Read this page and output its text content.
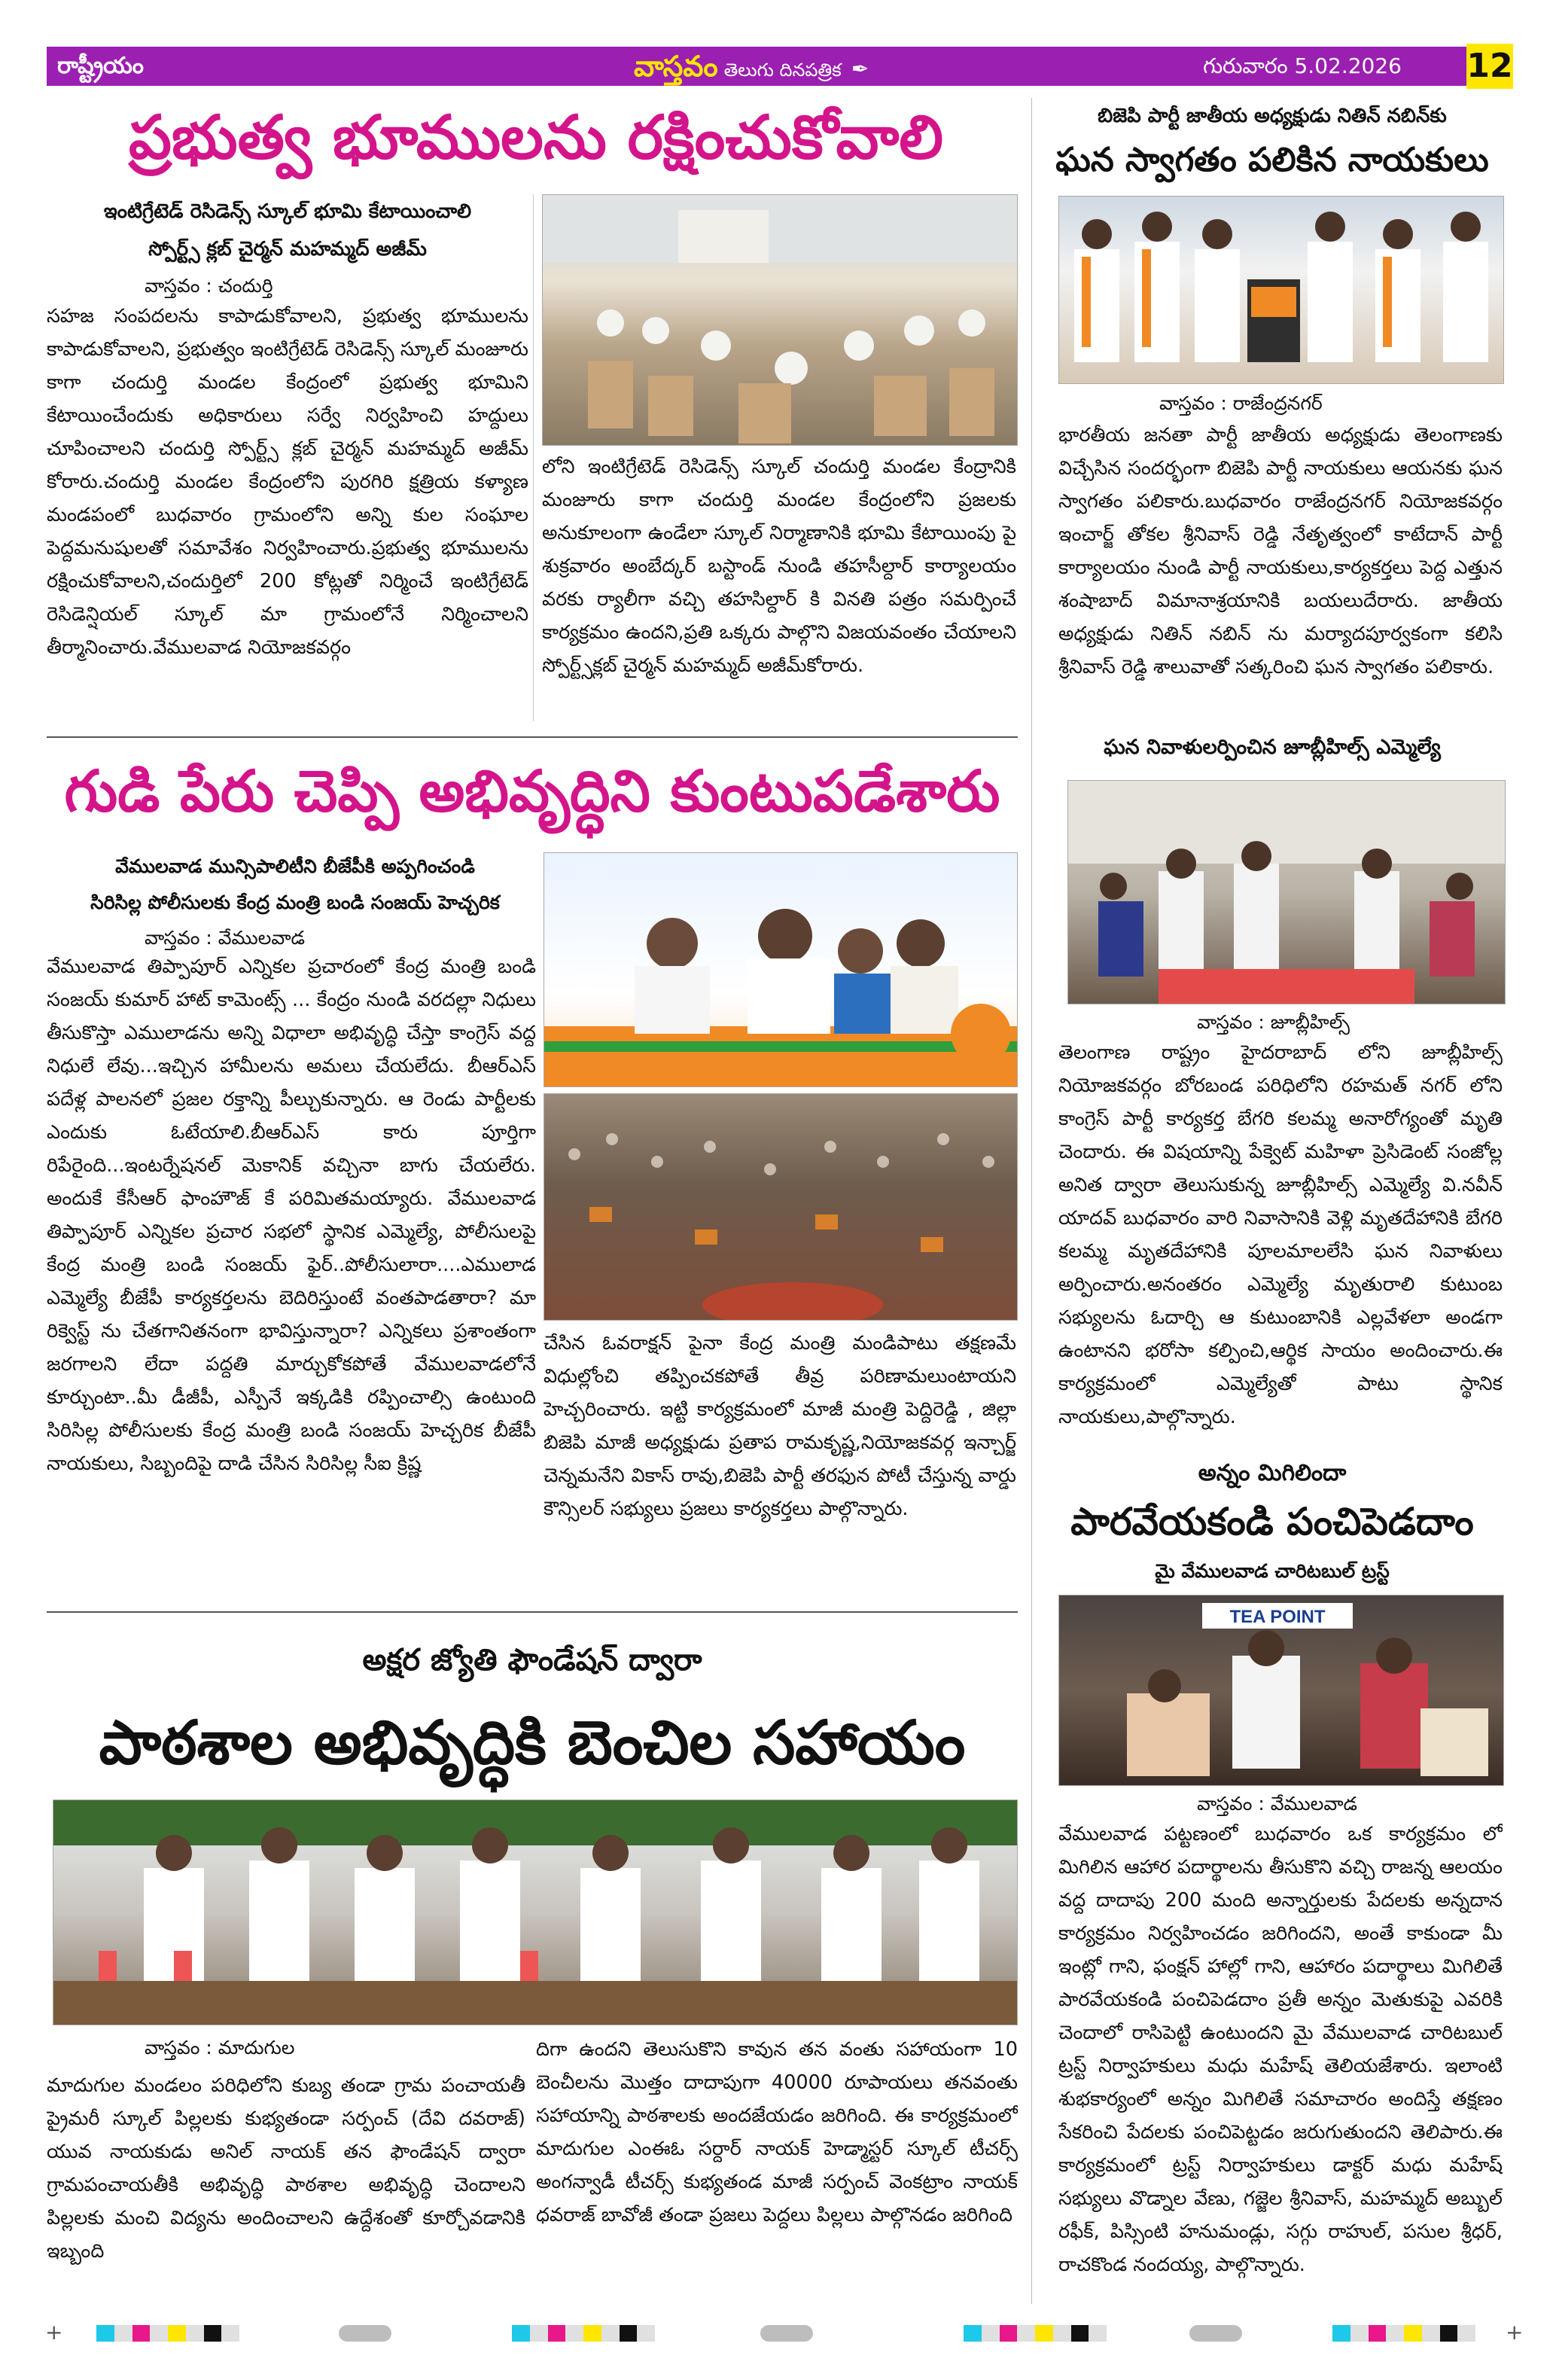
రాష్ట్రీయం	వాస్తవం తెలుగు దినపత్రిక ✒	గురువారం 5.02.2026 12
ప్రభుత్వ భూములను రక్షించుకోవాలి
ఇంటిగ్రేటెడ్ రెసిడెన్స్ స్కూల్ భూమి కేటాయించాలి
స్పోర్ట్స్ క్లబ్ చైర్మన్ మహమ్మద్ అజీమ్
వాస్తవం : చందుర్తి
సహజ సంపదలను కాపాడుకోవాలని, ప్రభుత్వ భూములను కాపాడుకోవాలని, ప్రభుత్వం ఇంటిగ్రేటెడ్ రెసిడెన్స్ స్కూల్ మంజూరు కాగా చందుర్తి మండల కేంద్రంలో ప్రభుత్వ భూమిని కేటాయించేందుకు అధికారులు సర్వే నిర్వహించి హద్దులు చూపించాలని చందుర్తి స్పోర్ట్స్ క్లబ్ చైర్మన్ మహమ్మద్ అజీమ్ కోరారు.చందుర్తి మండల కేంద్రంలోని పురగిరి క్షత్రియ కళ్యాణ మండపంలో బుధవారం గ్రామంలోని అన్ని కుల సంఘాల పెద్దమనుషులతో సమావేశం నిర్వహించారు.ప్రభుత్వ భూములను రక్షించుకోవాలని,చందుర్తిలో 200 కోట్లతో నిర్మించే ఇంటిగ్రేటెడ్ రెసిడెన్షియల్ స్కూల్ మా గ్రామంలోనే నిర్మించాలని తీర్మానించారు.వేములవాడ నియోజకవర్గం
లోని ఇంటిగ్రేటెడ్ రెసిడెన్స్ స్కూల్ చందుర్తి మండల కేంద్రానికి మంజూరు కాగా చందుర్తి మండల కేంద్రంలోని ప్రజలకు అనుకూలంగా ఉండేలా స్కూల్ నిర్మాణానికి భూమి కేటాయింపు పై శుక్రవారం అంబేద్కర్ బస్టాండ్ నుండి తహసీల్దార్ కార్యాలయం వరకు ర్యాలీగా వచ్చి తహసిల్దార్ కి వినతి పత్రం సమర్పించే కార్యక్రమం ఉందని,ప్రతి ఒక్కరు పాల్గొని విజయవంతం చేయాలని స్పోర్ట్స్‌క్లబ్ చైర్మన్ మహమ్మద్ అజీమ్‌కోరారు.
గుడి పేరు చెప్పి అభివృద్ధిని కుంటుపడేశారు
వేములవాడ మున్సిపాలిటీని బీజేపీకి అప్పగించండి
సిరిసిల్ల పోలీసులకు కేంద్ర మంత్రి బండి సంజయ్ హెచ్చరిక
వాస్తవం : వేములవాడ
వేములవాడ తిప్పాపూర్ ఎన్నికల ప్రచారంలో కేంద్ర మంత్రి బండి సంజయ్ కుమార్ హాట్ కామెంట్స్ ... కేంద్రం నుండి వరదల్లా నిధులు తీసుకొస్తా ఎములాడను అన్ని విధాలా అభివృద్ధి చేస్తా కాంగ్రెస్ వద్ద నిధులే లేవు...ఇచ్చిన హామీలను అమలు చేయలేదు. బీఆర్ఎస్ పదేళ్ల పాలనలో ప్రజల రక్తాన్ని పీల్చుకున్నారు. ఆ రెండు పార్టీలకు ఎందుకు ఓటేయాలి.బీఆర్ఎస్ కారు పూర్తిగా రిపేరైంది...ఇంటర్నేషనల్ మెకానిక్ వచ్చినా బాగు చేయలేరు. అందుకే కేసీఆర్ ఫాంహౌజ్ కే పరిమితమయ్యారు. వేములవాడ తిప్పాపూర్ ఎన్నికల ప్రచార సభలో స్థానిక ఎమ్మెల్యే, పోలీసులపై కేంద్ర మంత్రి బండి సంజయ్ ఫైర్..పోలీసులారా....ఎములాడ ఎమ్మెల్యే బీజేపీ కార్యకర్తలను బెదిరిస్తుంటే వంతపాడతారా? మా రిక్వెస్ట్ ను చేతగానితనంగా భావిస్తున్నారా? ఎన్నికలు ప్రశాంతంగా జరగాలని లేదా పద్దతి మార్చుకోకపోతే వేములవాడలోనే కూర్చుంటా..మీ డీజీపీ, ఎస్పీనే ఇక్కడికి రప్పించాల్సి ఉంటుంది సిరిసిల్ల పోలీసులకు కేంద్ర మంత్రి బండి సంజయ్ హెచ్చరిక బీజేపీ నాయకులు, సిబ్బందిపై దాడి చేసిన సిరిసిల్ల సీఐ క్రిష్ణ
చేసిన ఓవరాక్షన్ పైనా కేంద్ర మంత్రి మండిపాటు తక్షణమే విధుల్లోంచి తప్పించకపోతే తీవ్ర పరిణామలుంటాయని హెచ్చరించారు. ఇట్టి కార్యక్రమంలో మాజీ మంత్రి పెద్దిరెడ్డి , జిల్లా బిజెపి మాజీ అధ్యక్షుడు ప్రతాప రామకృష్ణ,నియోజకవర్గ ఇన్చార్జ్ చెన్నమనేని వికాస్ రావు,బిజెపి పార్టీ తరఫున పోటీ చేస్తున్న వార్డు కౌన్సిలర్ సభ్యులు ప్రజలు కార్యకర్తలు పాల్గొన్నారు.
అక్షర జ్యోతి ఫౌండేషన్ ద్వారా
పాఠశాల అభివృద్ధికి బెంచిల సహాయం
వాస్తవం : మాదుగుల
మాదుగుల మండలం పరిధిలోని కుబ్య తండా గ్రామ పంచాయతీ ప్రైమరీ స్కూల్ పిల్లలకు కుభ్యతండా సర్పంచ్ (దేవి దవరాజ్) యువ నాయకుడు అనిల్ నాయక్ తన ఫౌండేషన్ ద్వారా గ్రామపంచాయతీకి అభివృద్ధి పాఠశాల అభివృద్ధి చెందాలని పిల్లలకు మంచి విద్యను అందించాలని ఉద్దేశంతో కూర్చోవడానికి ఇబ్బంది
దిగా ఉందని తెలుసుకొని కావున తన వంతు సహాయంగా 10 బెంచీలను మొత్తం దాదాపుగా 40000 రూపాయలు తనవంతు సహాయాన్ని పాఠశాలకు అందజేయడం జరిగింది. ఈ కార్యక్రమంలో మాదుగుల ఎంఈఓ సర్దార్ నాయక్ హెడ్మాస్టర్ స్కూల్ టీచర్స్ అంగన్వాడీ టీచర్స్ కుభ్యతండ మాజీ సర్పంచ్ వెంకట్రాం నాయక్ ధవరాజ్ బావోజీ తండా ప్రజలు పెద్దలు పిల్లలు పాల్గొనడం జరిగింది
బిజెపి పార్టీ జాతీయ అధ్యక్షుడు నితిన్ నబిన్‌కు
ఘన స్వాగతం పలికిన నాయకులు
వాస్తవం : రాజేంద్రనగర్
భారతీయ జనతా పార్టీ జాతీయ అధ్యక్షుడు తెలంగాణకు విచ్చేసిన సందర్భంగా బిజెపి పార్టీ నాయకులు ఆయనకు ఘన స్వాగతం పలికారు.బుధవారం రాజేంద్రనగర్ నియోజకవర్గం ఇంచార్జ్ తోకల శ్రీనివాస్ రెడ్డి నేతృత్వంలో కాటేదాన్ పార్టీ కార్యాలయం నుండి పార్టీ నాయకులు,కార్యకర్తలు పెద్ద ఎత్తున శంషాబాద్ విమానాశ్రయానికి బయలుదేరారు. జాతీయ అధ్యక్షుడు నితిన్ నబిన్ ను మర్యాదపూర్వకంగా కలిసి శ్రీనివాస్ రెడ్డి శాలువాతో సత్కరించి ఘన స్వాగతం పలికారు.
ఘన నివాళులర్పించిన జూబ్లీహిల్స్ ఎమ్మెల్యే
వాస్తవం : జూబ్లీహిల్స్
తెలంగాణ రాష్ట్రం హైదరాబాద్ లోని జూబ్లీహిల్స్ నియోజకవర్గం బోరబండ పరిధిలోని రహమత్ నగర్ లోని కాంగ్రెస్ పార్టీ కార్యకర్త బేగరి కలమ్మ అనారోగ్యంతో మృతి చెందారు. ఈ విషయాన్ని పేక్వెట్ మహిళా ప్రెసిడెంట్ సంజోల్ల అనిత ద్వారా తెలుసుకున్న జూబ్లీహిల్స్ ఎమ్మెల్యే వి.నవీన్ యాదవ్ బుధవారం వారి నివాసానికి వెళ్లి మృతదేహానికి బేగరి కలమ్మ మృతదేహానికి పూలమాలలేసి ఘన నివాళులు అర్పించారు.అనంతరం ఎమ్మెల్యే మృతురాలి కుటుంబ సభ్యులను ఓదార్చి ఆ కుటుంబానికి ఎల్లవేళలా అండగా ఉంటానని భరోసా కల్పించి,ఆర్థిక సాయం అందించారు.ఈ కార్యక్రమంలో ఎమ్మెల్యేతో పాటు స్థానిక నాయకులు,పాల్గొన్నారు.
అన్నం మిగిలిందా
పారవేయకండి పంచిపెడదాం
మై వేములవాడ చారిటబుల్ ట్రస్ట్
TEA POINT
వాస్తవం : వేములవాడ
వేములవాడ పట్టణంలో బుధవారం ఒక కార్యక్రమం లో మిగిలిన ఆహార పదార్థాలను తీసుకొని వచ్చి రాజన్న ఆలయం వద్ద దాదాపు 200 మంది అన్నార్తులకు పేదలకు అన్నదాన కార్యక్రమం నిర్వహించడం జరిగిందని, అంతే కాకుండా మీ ఇంట్లో గాని, ఫంక్షన్ హాల్లో గాని, ఆహారం పదార్థాలు మిగిలితే పారవేయకండి పంచిపెడదాం ప్రతీ అన్నం మెతుకుపై ఎవరికి చెందాలో రాసిపెట్టి ఉంటుందని మై వేములవాడ చారిటబుల్ ట్రస్ట్ నిర్వాహకులు మధు మహేష్ తెలియజేశారు. ఇలాంటి శుభకార్యంలో అన్నం మిగిలితే సమాచారం అందిస్తే తక్షణం సేకరించి పేదలకు పంచిపెట్టడం జరుగుతుందని తెలిపారు.ఈ కార్యక్రమంలో ట్రస్ట్ నిర్వాహకులు డాక్టర్ మధు మహేష్ సభ్యులు వొడ్నాల వేణు, గజ్జెల శ్రీనివాస్, మహమ్మద్ అబ్బుల్ రఫీక్, పిస్సింటి హనుమండ్లు, సగ్గు రాహుల్, పసుల శ్రీధర్, రాచకొండ నందయ్య, పాల్గొన్నారు.
+	+
